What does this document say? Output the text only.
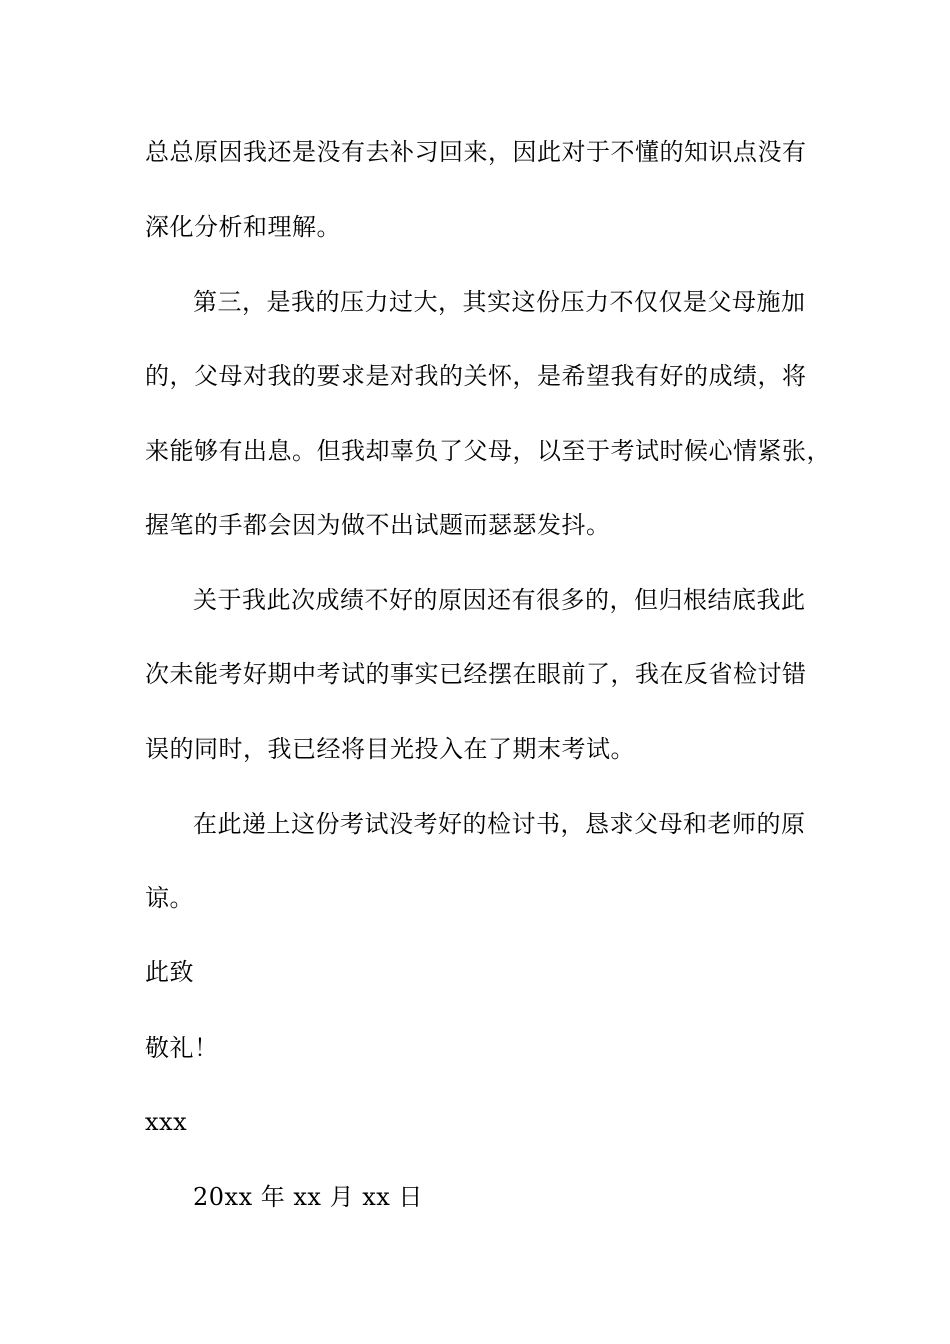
总总原因我还是没有去补习回来，因此对于不懂的知识点没有
深化分析和理解。
第三，是我的压力过大，其实这份压力不仅仅是父母施加
的，父母对我的要求是对我的关怀，是希望我有好的成绩，将
来能够有出息。但我却辜负了父母，以至于考试时候心情紧张，
握笔的手都会因为做不出试题而瑟瑟发抖。
关于我此次成绩不好的原因还有很多的，但归根结底我此
次未能考好期中考试的事实已经摆在眼前了，我在反省检讨错
误的同时，我已经将目光投入在了期末考试。
在此递上这份考试没考好的检讨书，恳求父母和老师的原
谅。
此致
敬礼！
xxx
20xx 年 xx 月 xx 日
